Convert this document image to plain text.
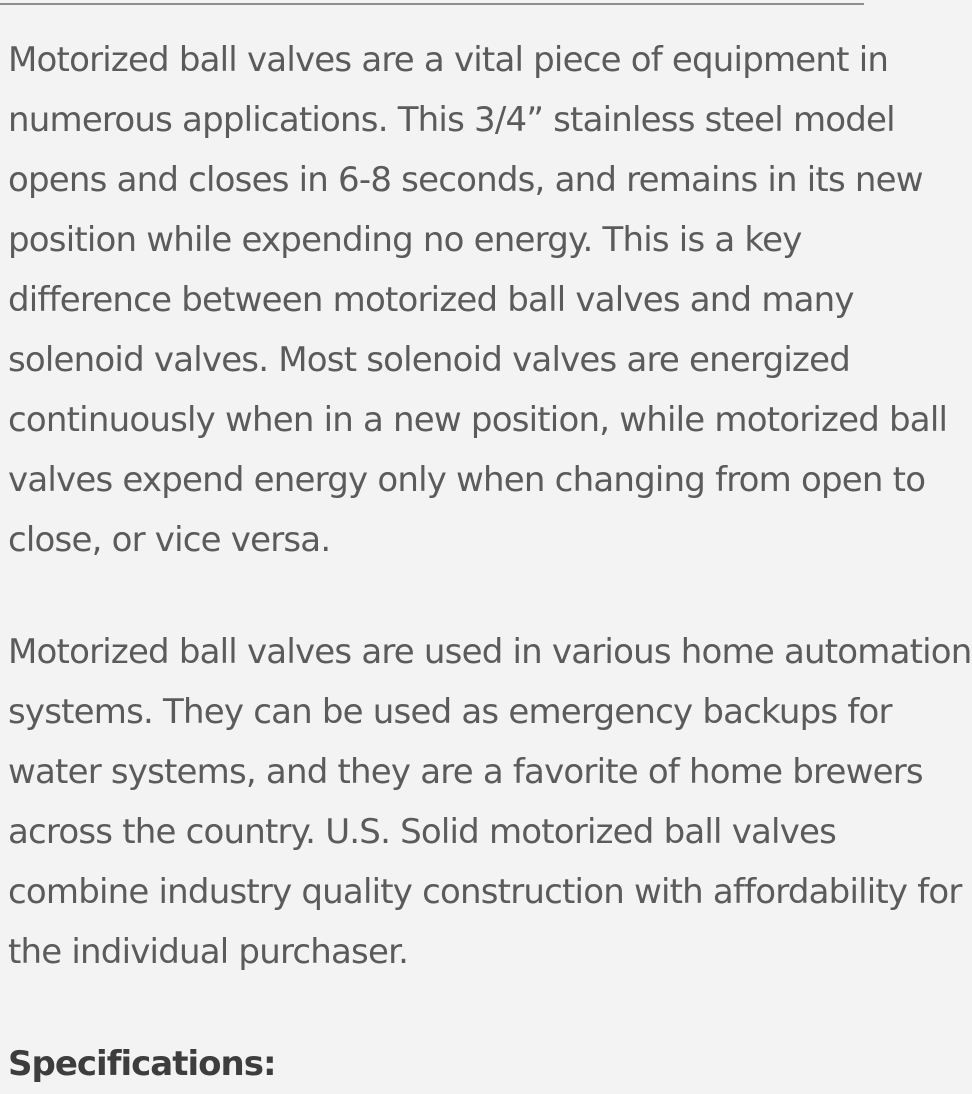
Motorized ball valves are a vital piece of equipment in
numerous applications. This 3/4” stainless steel model
opens and closes in 6-8 seconds, and remains in its new
position while expending no energy. This is a key
difference between motorized ball valves and many
solenoid valves. Most solenoid valves are energized
continuously when in a new position, while motorized ball
valves expend energy only when changing from open to
close, or vice versa.
Motorized ball valves are used in various home automation
systems. They can be used as emergency backups for
water systems, and they are a favorite of home brewers
across the country. U.S. Solid motorized ball valves
combine industry quality construction with affordability for
the individual purchaser.
Specifications:
